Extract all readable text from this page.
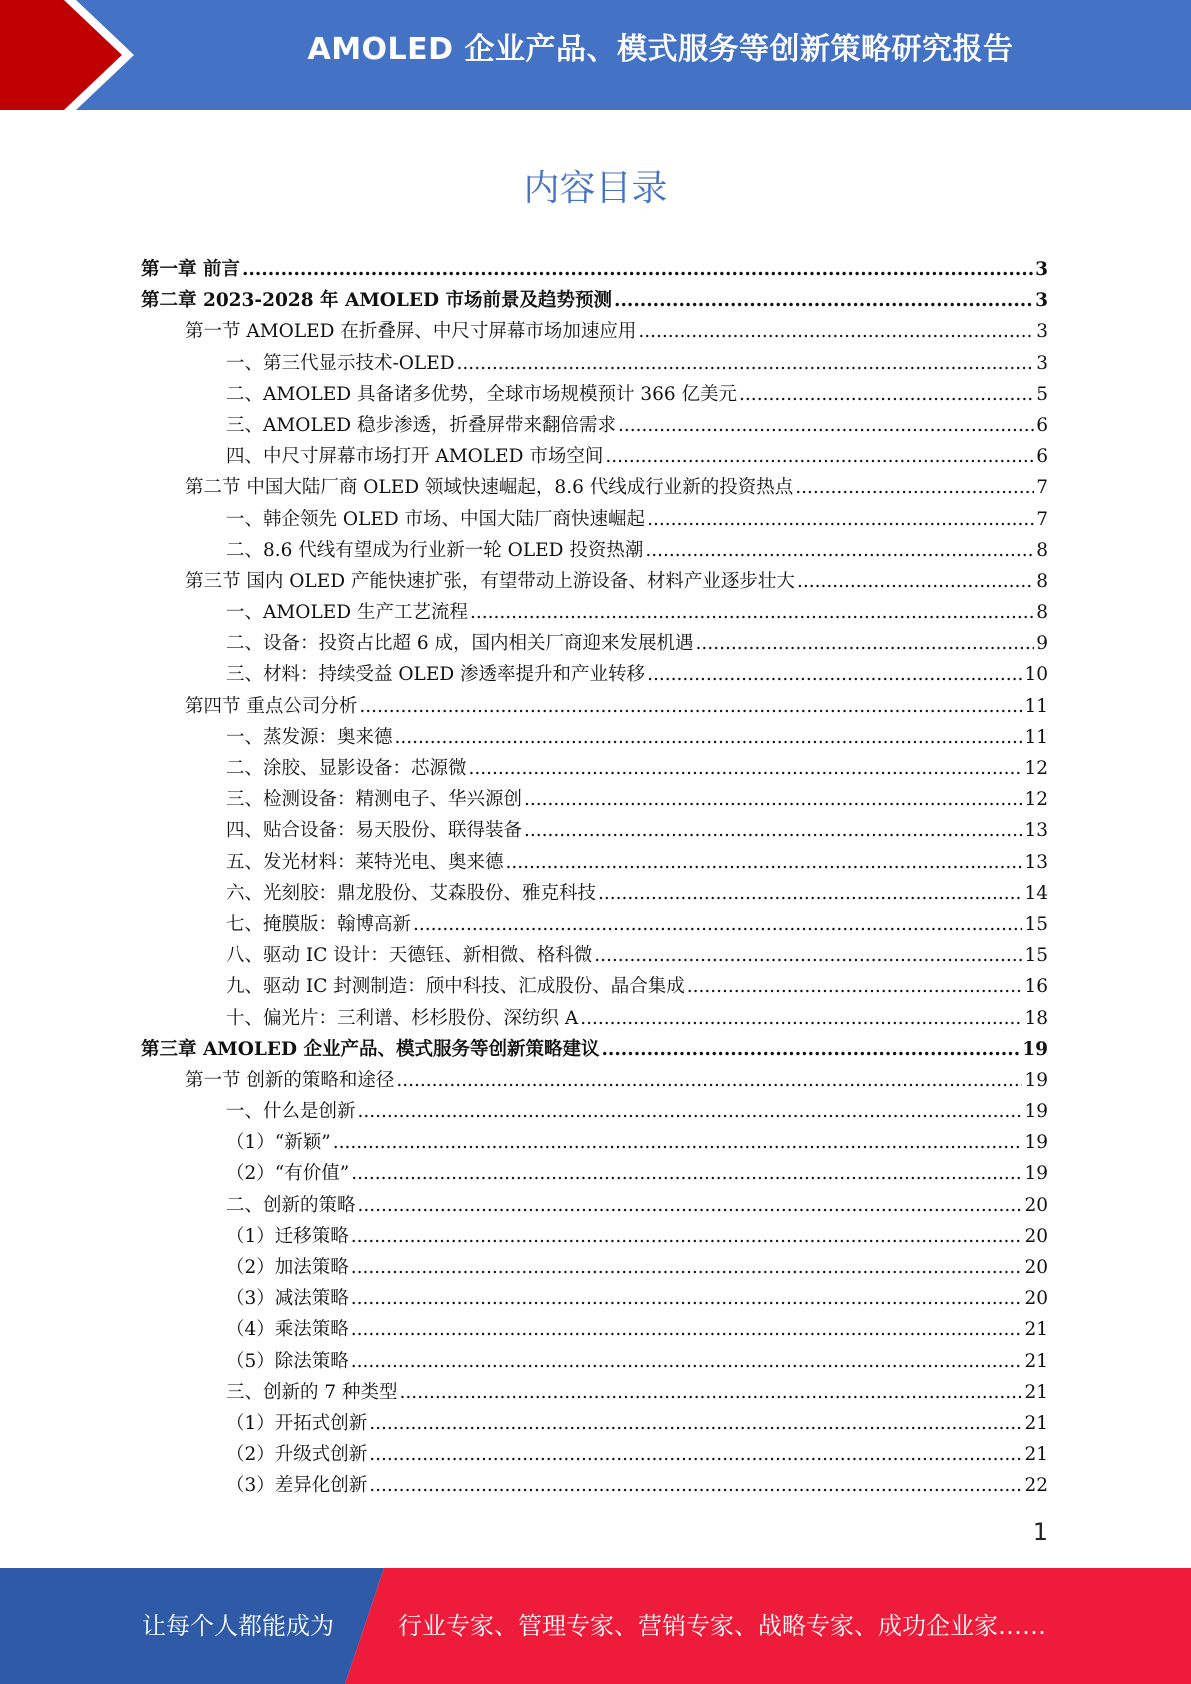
AMOLED 企业产品、模式服务等创新策略研究报告
内容目录
第一章 前言 .....	3
第二章 2023-2028 年 AMOLED 市场前景及趋势预测 .....	3
第一节 AMOLED 在折叠屏、中尺寸屏幕市场加速应用 .....	3
一、第三代显示技术-OLED .....	3
二、AMOLED 具备诸多优势，全球市场规模预计 366 亿美元 .....	5
三、AMOLED 稳步渗透，折叠屏带来翻倍需求 .....	6
四、中尺寸屏幕市场打开 AMOLED 市场空间 .....	6
第二节 中国大陆厂商 OLED 领域快速崛起，8.6 代线成行业新的投资热点 .....	7
一、韩企领先 OLED 市场、中国大陆厂商快速崛起 .....	7
二、8.6 代线有望成为行业新一轮 OLED 投资热潮 .....	8
第三节 国内 OLED 产能快速扩张，有望带动上游设备、材料产业逐步壮大 .....	8
一、AMOLED 生产工艺流程 .....	8
二、设备：投资占比超 6 成，国内相关厂商迎来发展机遇 .....	9
三、材料：持续受益 OLED 渗透率提升和产业转移 .....	10
第四节 重点公司分析 .....	11
一、蒸发源：奥来德 .....	11
二、涂胶、显影设备：芯源微 .....	12
三、检测设备：精测电子、华兴源创 .....	12
四、贴合设备：易天股份、联得装备 .....	13
五、发光材料：莱特光电、奥来德 .....	13
六、光刻胶：鼎龙股份、艾森股份、雅克科技 .....	14
七、掩膜版：翰博高新 .....	15
八、驱动 IC 设计：天德钰、新相微、格科微 .....	15
九、驱动 IC 封测制造：颀中科技、汇成股份、晶合集成 .....	16
十、偏光片：三利谱、杉杉股份、深纺织 A .....	18
第三章 AMOLED 企业产品、模式服务等创新策略建议 .....	19
第一节 创新的策略和途径 .....	19
一、什么是创新 .....	19
（1）“新颖” .....	19
（2）“有价值” .....	19
二、创新的策略 .....	20
（1）迁移策略 .....	20
（2）加法策略 .....	20
（3）减法策略 .....	20
（4）乘法策略 .....	21
（5）除法策略 .....	21
三、创新的 7 种类型 .....	21
（1）开拓式创新 .....	21
（2）升级式创新 .....	21
（3）差异化创新 .....	22
1
让每个人都能成为	行业专家、管理专家、营销专家、战略专家、成功企业家……
